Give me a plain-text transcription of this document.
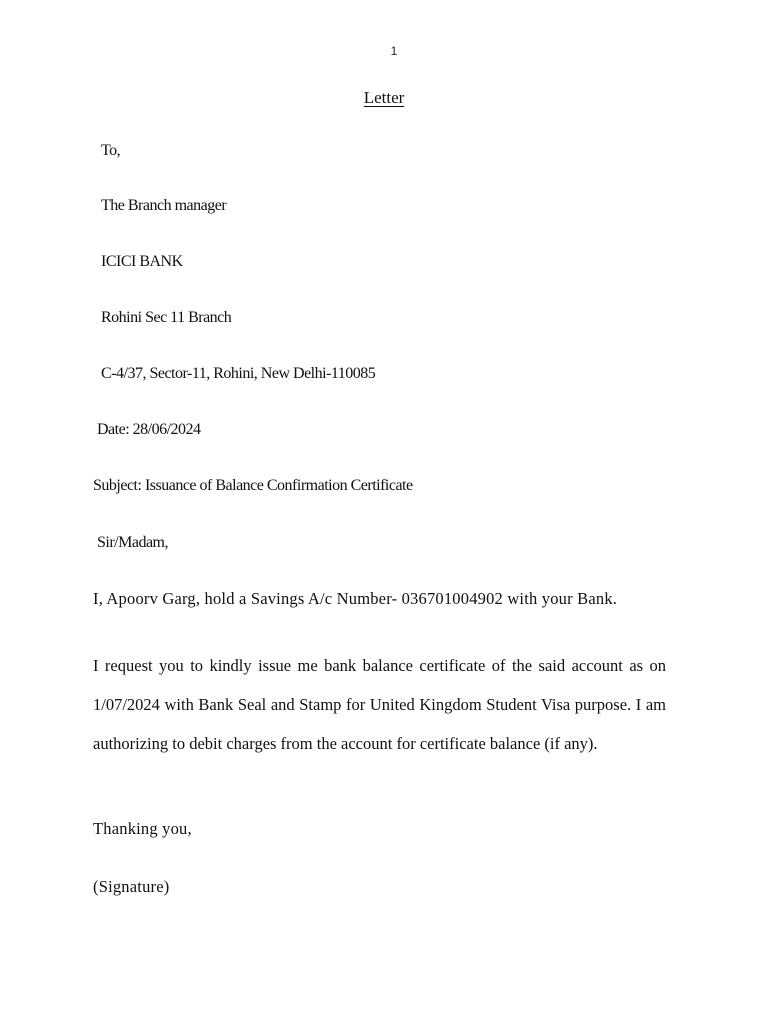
1
Letter
To,
The Branch manager
ICICI BANK
Rohini Sec 11 Branch
C-4/37, Sector-11, Rohini, New Delhi-110085
Date: 28/06/2024
Subject: Issuance of Balance Confirmation Certificate
Sir/Madam,
I, Apoorv Garg, hold a Savings A/c Number- 036701004902 with your Bank.
I request you to kindly issue me bank balance certificate of the said account as on 1/07/2024 with Bank Seal and Stamp for United Kingdom Student Visa purpose. I am authorizing to debit charges from the account for certificate balance (if any).
Thanking you,
(Signature)
